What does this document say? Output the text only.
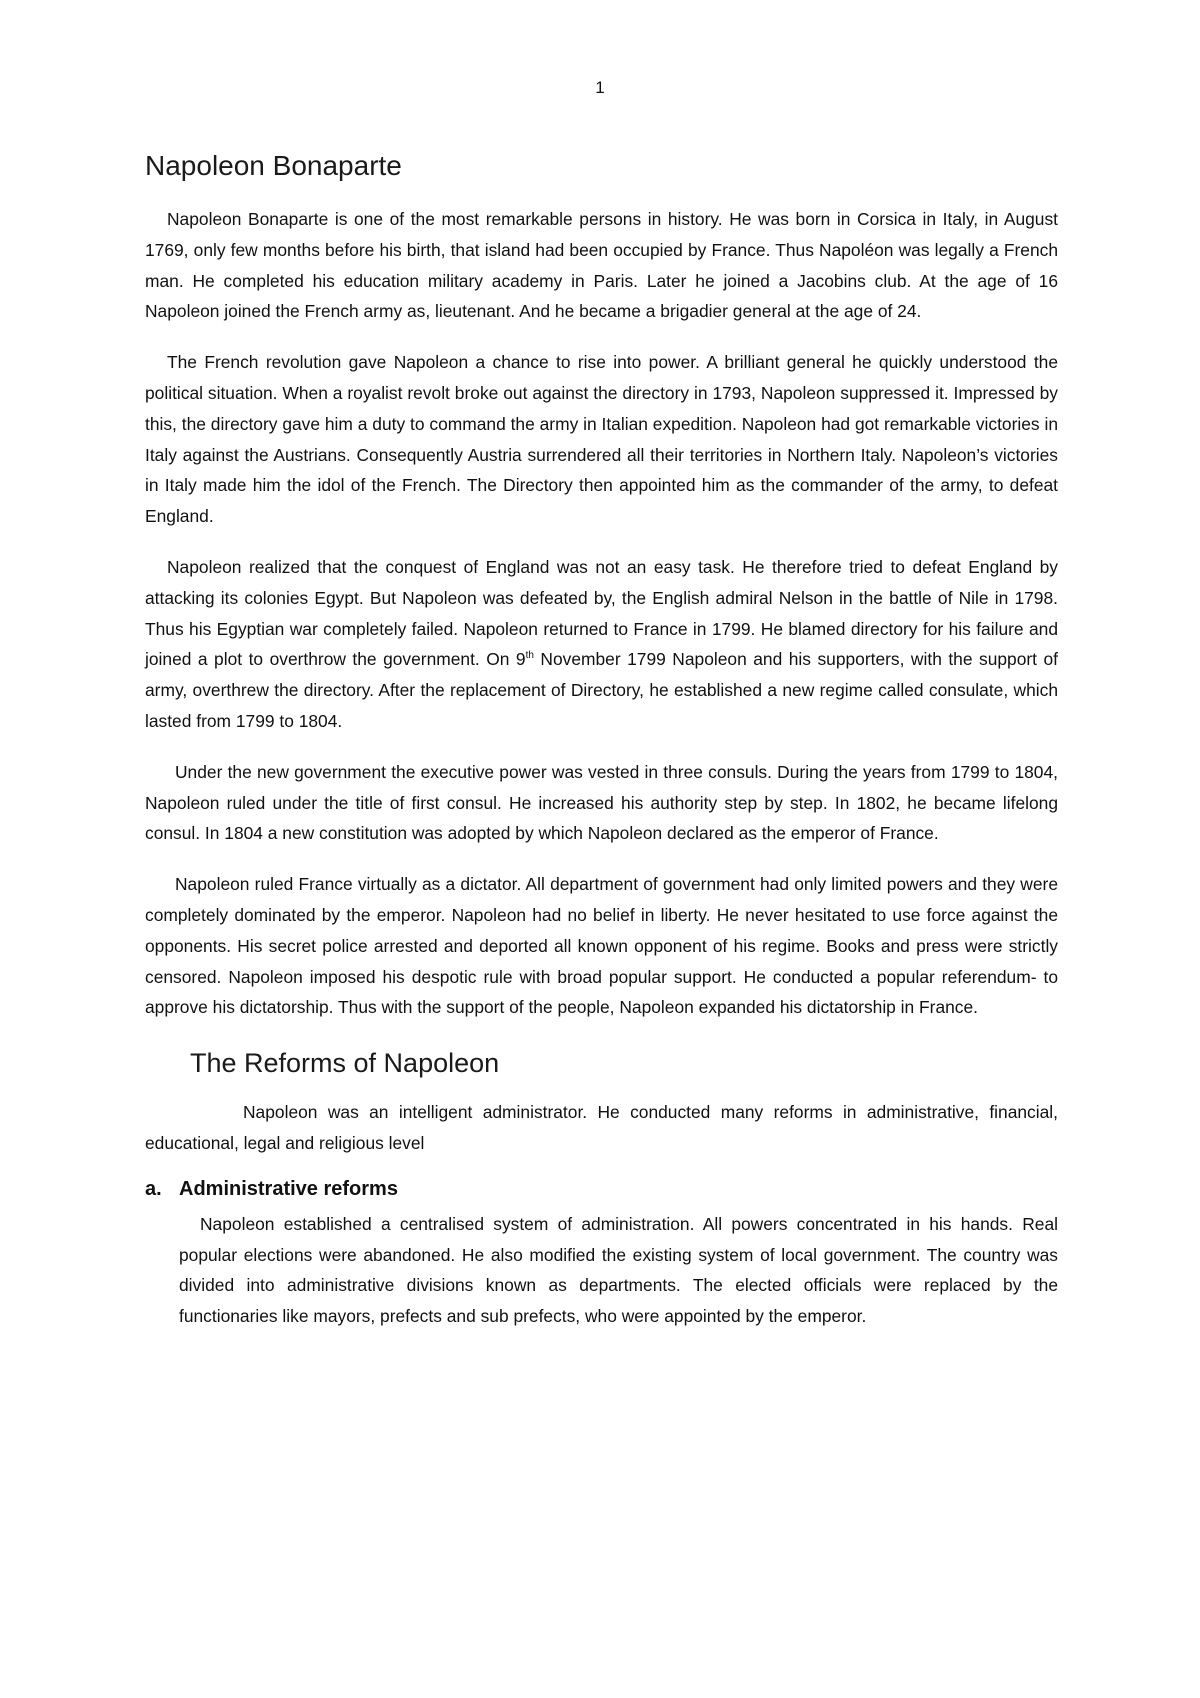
1
Napoleon Bonaparte

Napoleon Bonaparte is one of the most remarkable persons in history. He was born in Corsica in Italy, in August 1769, only few months before his birth, that island had been occupied by France. Thus Napoléon was legally a French man. He completed his education military academy in Paris. Later he joined a Jacobins club. At the age of 16 Napoleon joined the French army as, lieutenant. And he became a brigadier general at the age of 24.

The French revolution gave Napoleon a chance to rise into power. A brilliant general he quickly understood the political situation. When a royalist revolt broke out against the directory in 1793, Napoleon suppressed it. Impressed by this, the directory gave him a duty to command the army in Italian expedition. Napoleon had got remarkable victories in Italy against the Austrians. Consequently Austria surrendered all their territories in Northern Italy. Napoleon’s victories in Italy made him the idol of the French. The Directory then appointed him as the commander of the army, to defeat England.

Napoleon realized that the conquest of England was not an easy task. He therefore tried to defeat England by attacking its colonies Egypt. But Napoleon was defeated by, the English admiral Nelson in the battle of Nile in 1798. Thus his Egyptian war completely failed. Napoleon returned to France in 1799. He blamed directory for his failure and joined a plot to overthrow the government. On 9th November 1799 Napoleon and his supporters, with the support of army, overthrew the directory. After the replacement of Directory, he established a new regime called consulate, which lasted from 1799 to 1804.

Under the new government the executive power was vested in three consuls. During the years from 1799 to 1804, Napoleon ruled under the title of first consul. He increased his authority step by step. In 1802, he became lifelong consul. In 1804 a new constitution was adopted by which Napoleon declared as the emperor of France.

Napoleon ruled France virtually as a dictator. All department of government had only limited powers and they were completely dominated by the emperor. Napoleon had no belief in liberty. He never hesitated to use force against the opponents. His secret police arrested and deported all known opponent of his regime. Books and press were strictly censored. Napoleon imposed his despotic rule with broad popular support. He conducted a popular referendum- to approve his dictatorship. Thus with the support of the people, Napoleon expanded his dictatorship in France.

The Reforms of Napoleon

Napoleon was an intelligent administrator. He conducted many reforms in administrative, financial, educational, legal and religious level

a. Administrative reforms

Napoleon established a centralised system of administration. All powers concentrated in his hands. Real popular elections were abandoned. He also modified the existing system of local government. The country was divided into administrative divisions known as departments. The elected officials were replaced by the functionaries like mayors, prefects and sub prefects, who were appointed by the emperor.
